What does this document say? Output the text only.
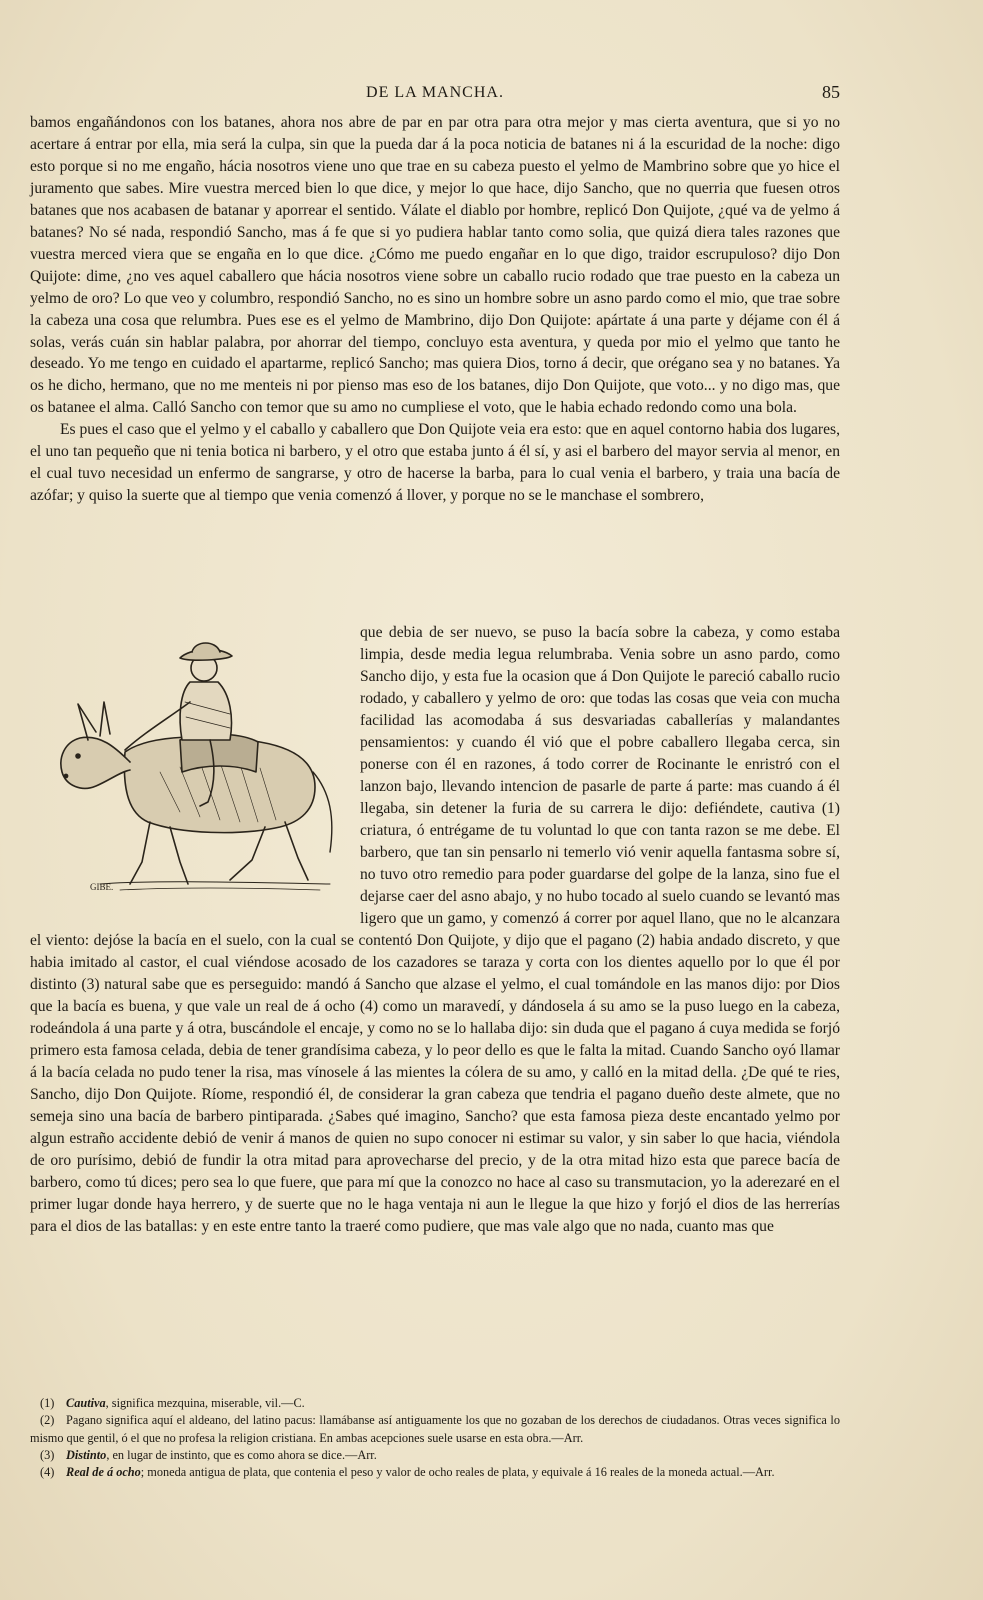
DE LA MANCHA.	85

bamos engañándonos con los batanes, ahora nos abre de par en par otra para otra mejor y mas cierta aventura, que si yo no acertare á entrar por ella, mia será la culpa, sin que la pueda dar á la poca noticia de batanes ni á la escuridad de la noche: digo esto porque si no me engaño, hácia nosotros viene uno que trae en su cabeza puesto el yelmo de Mambrino sobre que yo hice el juramento que sabes. Mire vuestra merced bien lo que dice, y mejor lo que hace, dijo Sancho, que no querria que fuesen otros batanes que nos acabasen de batanar y aporrear el sentido. Válate el diablo por hombre, replicó Don Quijote, ¿qué va de yelmo á batanes? No sé nada, respondió Sancho, mas á fe que si yo pudiera hablar tanto como solia, que quizá diera tales razones que vuestra merced viera que se engaña en lo que dice. ¿Cómo me puedo engañar en lo que digo, traidor escrupuloso? dijo Don Quijote: dime, ¿no ves aquel caballero que hácia nosotros viene sobre un caballo rucio rodado que trae puesto en la cabeza un yelmo de oro? Lo que veo y columbro, respondió Sancho, no es sino un hombre sobre un asno pardo como el mio, que trae sobre la cabeza una cosa que relumbra. Pues ese es el yelmo de Mambrino, dijo Don Quijote: apártate á una parte y déjame con él á solas, verás cuán sin hablar palabra, por ahorrar del tiempo, concluyo esta aventura, y queda por mio el yelmo que tanto he deseado. Yo me tengo en cuidado el apartarme, replicó Sancho; mas quiera Dios, torno á decir, que orégano sea y no batanes. Ya os he dicho, hermano, que no me menteis ni por pienso mas eso de los batanes, dijo Don Quijote, que voto... y no digo mas, que os batanee el alma. Calló Sancho con temor que su amo no cumpliese el voto, que le habia echado redondo como una bola.

Es pues el caso que el yelmo y el caballo y caballero que Don Quijote veia era esto: que en aquel contorno habia dos lugares, el uno tan pequeño que ni tenia botica ni barbero, y el otro que estaba junto á él sí, y asi el barbero del mayor servia al menor, en el cual tuvo necesidad un enfermo de sangrarse, y otro de hacerse la barba, para lo cual venia el barbero, y traia una bacía de azófar; y quiso la suerte que al tiempo que venia comenzó á llover, y porque no se le manchase el sombrero,

GIBE.

que debia de ser nuevo, se puso la bacía sobre la cabeza, y como estaba limpia, desde media legua relumbraba. Venia sobre un asno pardo, como Sancho dijo, y esta fue la ocasion que á Don Quijote le pareció caballo rucio rodado, y caballero y yelmo de oro: que todas las cosas que veia con mucha facilidad las acomodaba á sus desvariadas caballerías y malandantes pensamientos: y cuando él vió que el pobre caballero llegaba cerca, sin ponerse con él en razones, á todo correr de Rocinante le enristró con el lanzon bajo, llevando intencion de pasarle de parte á parte: mas cuando á él llegaba, sin detener la furia de su carrera le dijo: defiéndete, cautiva (1) criatura, ó entrégame de tu voluntad lo que con tanta razon se me debe. El barbero, que tan sin pensarlo ni temerlo vió venir aquella fantasma sobre sí, no tuvo otro remedio para poder guardarse del golpe de la lanza, sino fue el dejarse caer del asno abajo, y no hubo tocado al suelo cuando se levantó mas ligero que un gamo, y comenzó á correr por aquel llano, que no le alcanzara el viento: dejóse la bacía en el suelo, con la cual se contentó Don Quijote, y dijo que el pagano (2) habia andado discreto, y que habia imitado al castor, el cual viéndose acosado de los cazadores se taraza y corta con los dientes aquello por lo que él por distinto (3) natural sabe que es perseguido: mandó á Sancho que alzase el yelmo, el cual tomándole en las manos dijo: por Dios que la bacía es buena, y que vale un real de á ocho (4) como un maravedí, y dándosela á su amo se la puso luego en la cabeza, rodeándola á una parte y á otra, buscándole el encaje, y como no se lo hallaba dijo: sin duda que el pagano á cuya medida se forjó primero esta famosa celada, debia de tener grandísima cabeza, y lo peor dello es que le falta la mitad. Cuando Sancho oyó llamar á la bacía celada no pudo tener la risa, mas vínosele á las mientes la cólera de su amo, y calló en la mitad della. ¿De qué te ries, Sancho, dijo Don Quijote. Ríome, respondió él, de considerar la gran cabeza que tendria el pagano dueño deste almete, que no semeja sino una bacía de barbero pintiparada. ¿Sabes qué imagino, Sancho? que esta famosa pieza deste encantado yelmo por algun estraño accidente debió de venir á manos de quien no supo conocer ni estimar su valor, y sin saber lo que hacia, viéndola de oro purísimo, debió de fundir la otra mitad para aprovecharse del precio, y de la otra mitad hizo esta que parece bacía de barbero, como tú dices; pero sea lo que fuere, que para mí que la conozco no hace al caso su transmutacion, yo la aderezaré en el primer lugar donde haya herrero, y de suerte que no le haga ventaja ni aun le llegue la que hizo y forjó el dios de las herrerías para el dios de las batallas: y en este entre tanto la traeré como pudiere, que mas vale algo que no nada, cuanto mas que

(1) Cautiva, significa mezquina, miserable, vil.—C.

(2) Pagano significa aquí el aldeano, del latino pacus: llamábanse así antiguamente los que no gozaban de los derechos de ciudadanos. Otras veces significa lo mismo que gentil, ó el que no profesa la religion cristiana. En ambas acepciones suele usarse en esta obra.—Arr.

(3) Distinto, en lugar de instinto, que es como ahora se dice.—Arr.

(4) Real de á ocho; moneda antigua de plata, que contenia el peso y valor de ocho reales de plata, y equivale á 16 reales de la moneda actual.—Arr.
